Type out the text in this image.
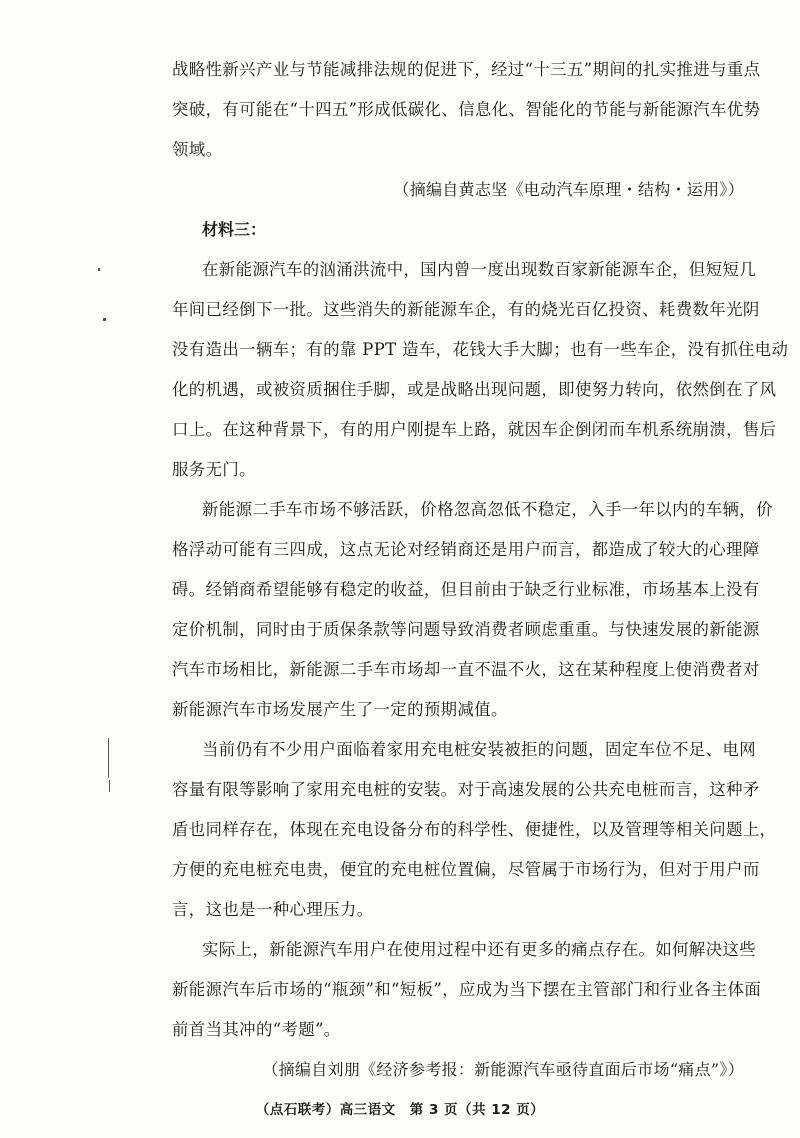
战略性新兴产业与节能减排法规的促进下，经过“十三五”期间的扎实推进与重点
突破，有可能在“十四五”形成低碳化、信息化、智能化的节能与新能源汽车优势
领域。
（摘编自黄志坚《电动汽车原理・结构・运用》）
材料三：
在新能源汽车的汹涌洪流中，国内曾一度出现数百家新能源车企，但短短几
年间已经倒下一批。这些消失的新能源车企，有的烧光百亿投资、耗费数年光阴
没有造出一辆车；有的靠 PPT 造车，花钱大手大脚；也有一些车企，没有抓住电动
化的机遇，或被资质捆住手脚，或是战略出现问题，即使努力转向，依然倒在了风
口上。在这种背景下，有的用户刚提车上路，就因车企倒闭而车机系统崩溃，售后
服务无门。
新能源二手车市场不够活跃，价格忽高忽低不稳定，入手一年以内的车辆，价
格浮动可能有三四成，这点无论对经销商还是用户而言，都造成了较大的心理障
碍。经销商希望能够有稳定的收益，但目前由于缺乏行业标准，市场基本上没有
定价机制，同时由于质保条款等问题导致消费者顾虑重重。与快速发展的新能源
汽车市场相比，新能源二手车市场却一直不温不火，这在某种程度上使消费者对
新能源汽车市场发展产生了一定的预期减值。
当前仍有不少用户面临着家用充电桩安装被拒的问题，固定车位不足、电网
容量有限等影响了家用充电桩的安装。对于高速发展的公共充电桩而言，这种矛
盾也同样存在，体现在充电设备分布的科学性、便捷性，以及管理等相关问题上，
方便的充电桩充电贵，便宜的充电桩位置偏，尽管属于市场行为，但对于用户而
言，这也是一种心理压力。
实际上，新能源汽车用户在使用过程中还有更多的痛点存在。如何解决这些
新能源汽车后市场的“瓶颈”和“短板”，应成为当下摆在主管部门和行业各主体面
前首当其冲的“考题”。
（摘编自刘朋《经济参考报：新能源汽车亟待直面后市场“痛点”》）
（点石联考）高三语文　第 3 页（共 12 页）
